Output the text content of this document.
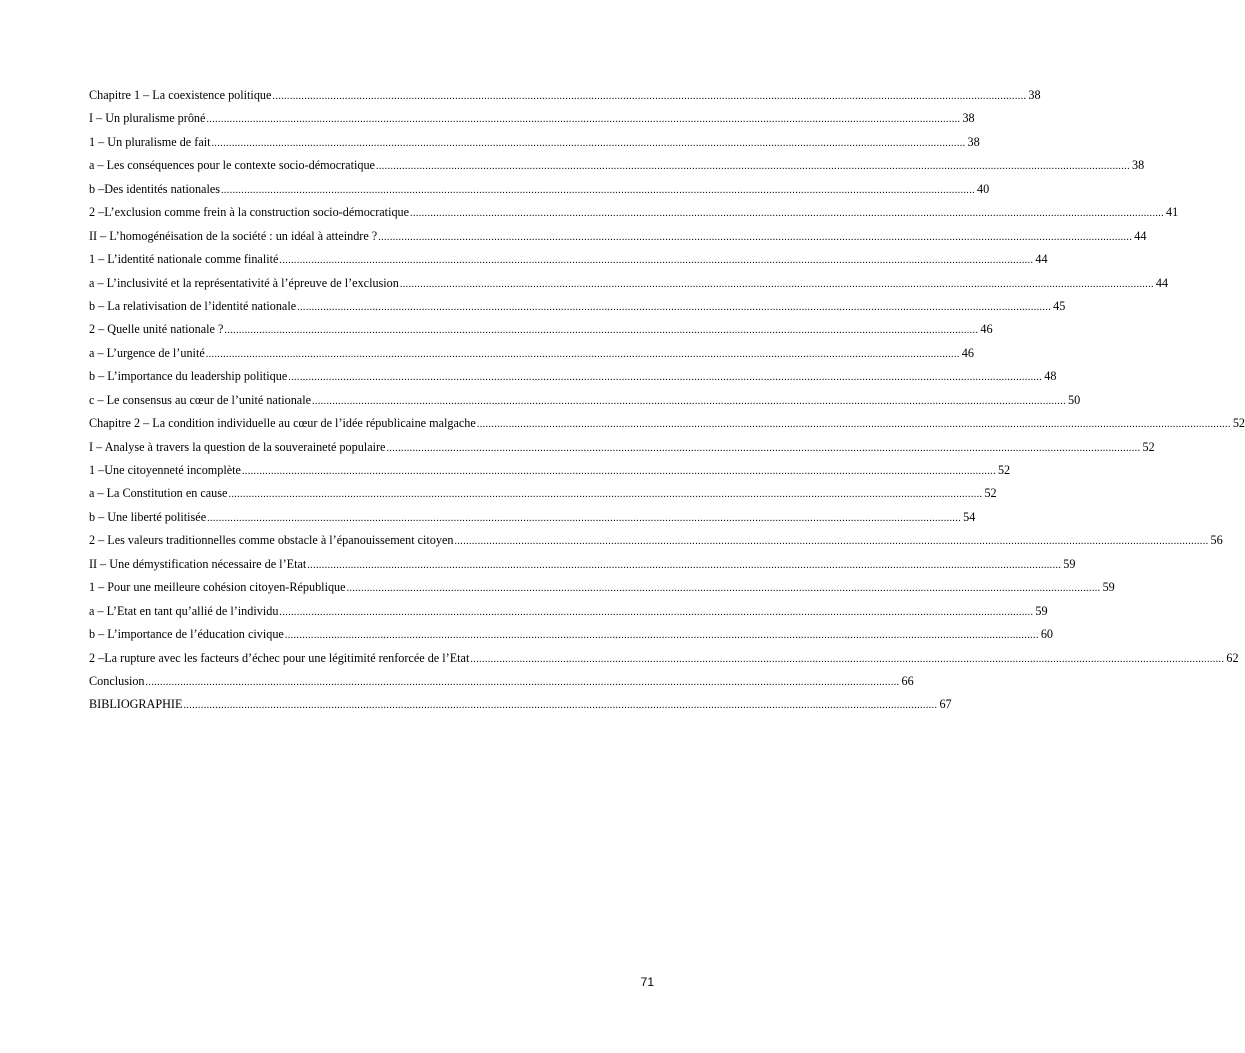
Chapitre 1 – La coexistence politique .................................................................................................................................................................................................................................................................... 38
I – Un pluralisme prôné .................................................................................................................................................................................................................................................................... 38
1 – Un pluralisme de fait .................................................................................................................................................................................................................................................................... 38
a – Les conséquences pour le contexte socio-démocratique .................................................................................................................................................................................................................................................................... 38
b –Des identités nationales .................................................................................................................................................................................................................................................................... 40
2 –L’exclusion comme frein à la construction socio-démocratique .................................................................................................................................................................................................................................................................... 41
II – L’homogénéisation de la société : un idéal à atteindre ? .................................................................................................................................................................................................................................................................... 44
1 – L’identité nationale comme finalité .................................................................................................................................................................................................................................................................... 44
a – L’inclusivité et la représentativité à l’épreuve de l’exclusion .................................................................................................................................................................................................................................................................... 44
b – La relativisation de l’identité nationale .................................................................................................................................................................................................................................................................... 45
2 – Quelle unité nationale ? .................................................................................................................................................................................................................................................................... 46
a – L’urgence de l’unité .................................................................................................................................................................................................................................................................... 46
b – L’importance du leadership politique .................................................................................................................................................................................................................................................................... 48
c – Le consensus au cœur de l’unité nationale .................................................................................................................................................................................................................................................................... 50
Chapitre 2 – La condition individuelle au cœur de l’idée républicaine malgache .................................................................................................................................................................................................................................................................... 52
I – Analyse à travers la question de la souveraineté populaire .................................................................................................................................................................................................................................................................... 52
1 –Une citoyenneté incomplète .................................................................................................................................................................................................................................................................... 52
a – La Constitution en cause .................................................................................................................................................................................................................................................................... 52
b – Une liberté politisée .................................................................................................................................................................................................................................................................... 54
2 – Les valeurs traditionnelles comme obstacle à l’épanouissement citoyen .................................................................................................................................................................................................................................................................... 56
II – Une démystification nécessaire de l’Etat .................................................................................................................................................................................................................................................................... 59
1 – Pour une meilleure cohésion citoyen-République .................................................................................................................................................................................................................................................................... 59
a – L’Etat en tant qu’allié de l’individu .................................................................................................................................................................................................................................................................... 59
b – L’importance de l’éducation civique .................................................................................................................................................................................................................................................................... 60
2 –La rupture avec les facteurs d’échec pour une légitimité renforcée de l’Etat .................................................................................................................................................................................................................................................................... 62
Conclusion .................................................................................................................................................................................................................................................................... 66
BIBLIOGRAPHIE .................................................................................................................................................................................................................................................................... 67
71
